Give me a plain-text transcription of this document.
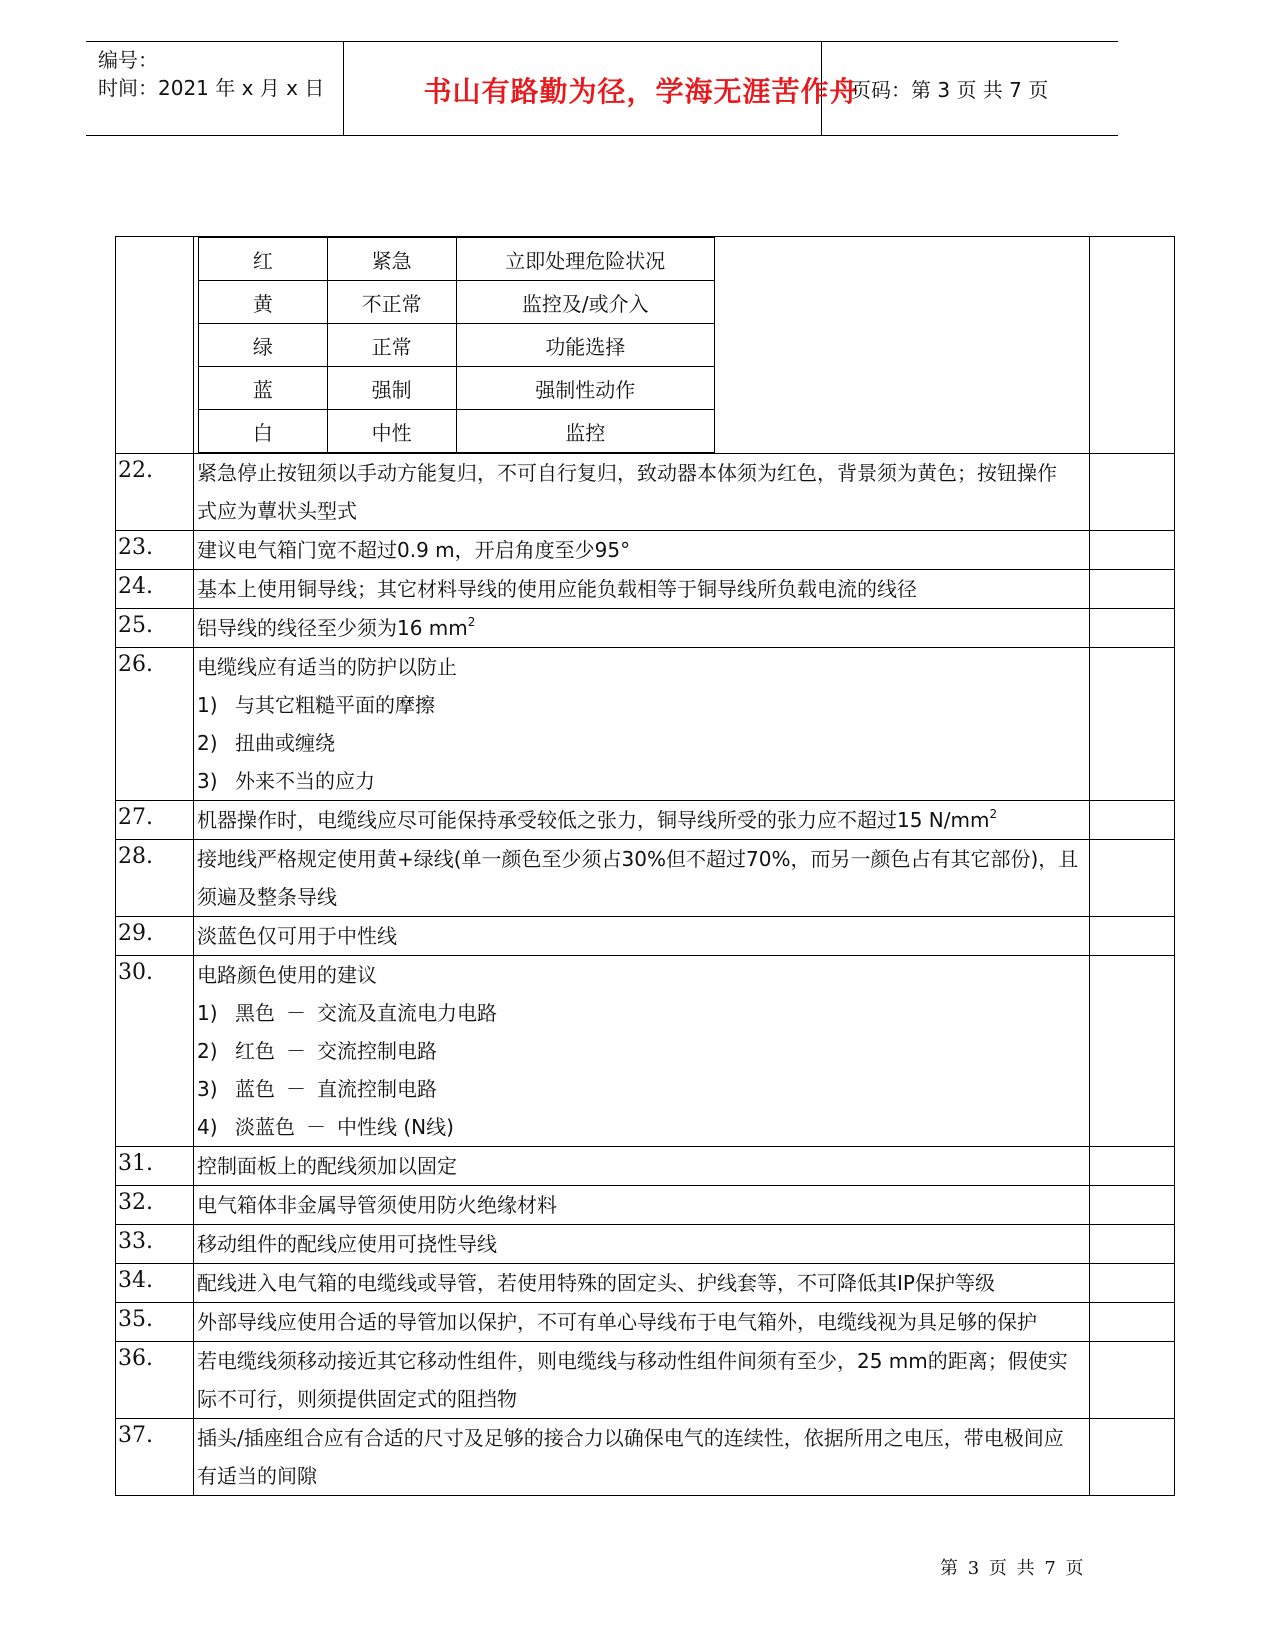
编号：
时间：2021 年 x 月 x 日	书山有路勤为径，学海无涯苦作舟
页码：第 3 页 共 7 页

红	紧急	立即处理危险状况
黄	不正常	监控及/或介入
绿	正常	功能选择
蓝	强制	强制性动作
白	中性	监控

22.	紧急停止按钮须以手动方能复归，不可自行复归，致动器本体须为红色，背景须为黄色；按钮操作
式应为蕈状头型式

23.	建议电气箱门宽不超过0.9 m，开启角度至少95°

24.	基本上使用铜导线；其它材料导线的使用应能负载相等于铜导线所负载电流的线径

25.	铝导线的线径至少须为16 $mm^2$

26.	电缆线应有适当的防护以防止
1) 与其它粗糙平面的摩擦
2) 扭曲或缠绕
3) 外来不当的应力

27.	机器操作时，电缆线应尽可能保持承受较低之张力，铜导线所受的张力应不超过15 $N/mm^2$

28.	接地线严格规定使用黄+绿线(单一颜色至少须占30%但不超过70%，而另一颜色占有其它部份)，且
须遍及整条导线

29.	淡蓝色仅可用于中性线

30.	电路颜色使用的建议
1) 黑色 － 交流及直流电力电路
2) 红色 － 交流控制电路
3) 蓝色 － 直流控制电路
4) 淡蓝色 － 中性线 (N线)

31.	控制面板上的配线须加以固定

32.	电气箱体非金属导管须使用防火绝缘材料

33.	移动组件的配线应使用可挠性导线

34.	配线进入电气箱的电缆线或导管，若使用特殊的固定头、护线套等，不可降低其IP保护等级

35.	外部导线应使用合适的导管加以保护，不可有单心导线布于电气箱外，电缆线视为具足够的保护

36.	若电缆线须移动接近其它移动性组件，则电缆线与移动性组件间须有至少，25 mm的距离；假使实
际不可行，则须提供固定式的阻挡物

37.	插头/插座组合应有合适的尺寸及足够的接合力以确保电气的连续性，依据所用之电压，带电极间应
有适当的间隙

第 3 页 共 7 页
